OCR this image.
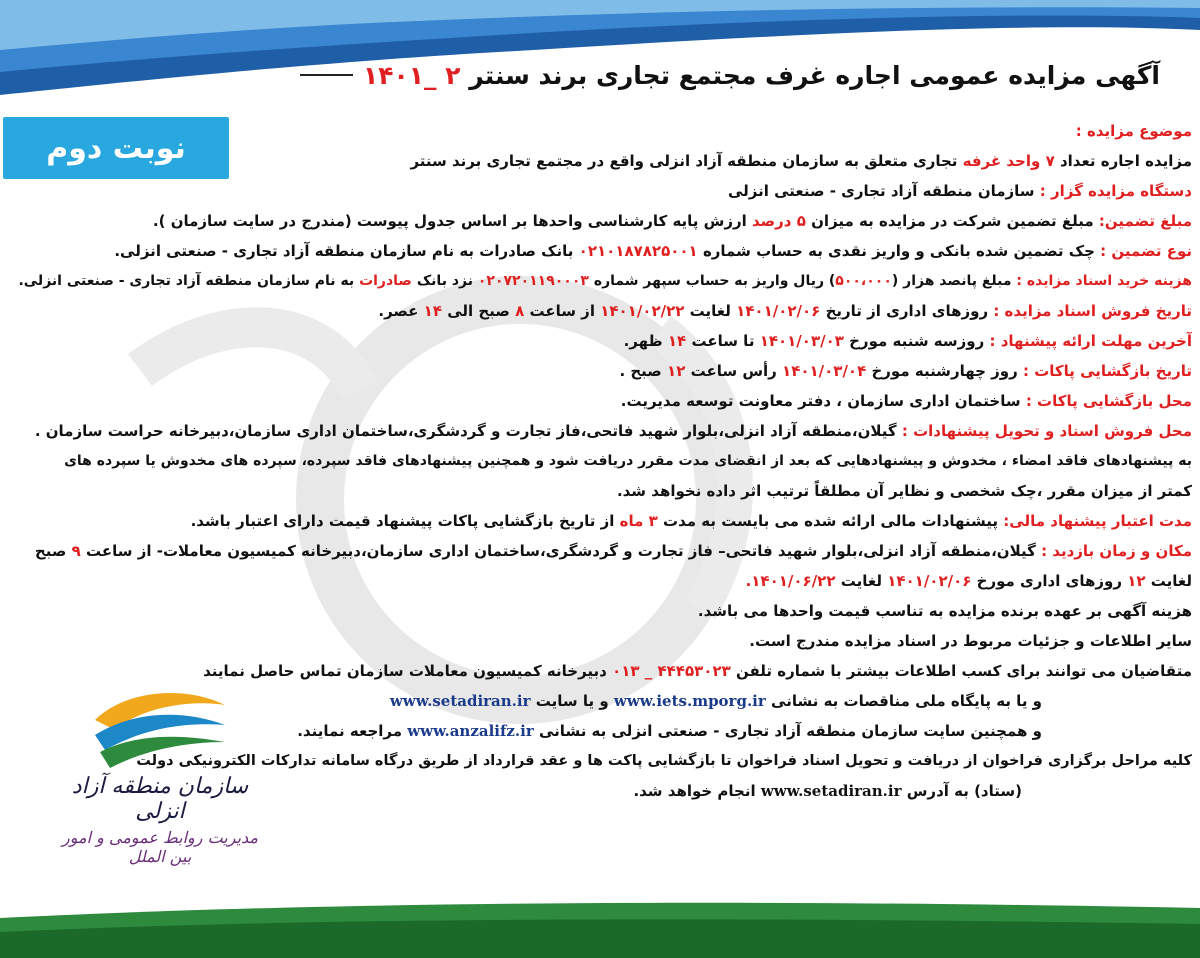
آگهی مزایده عمومی اجاره غرف مجتمع تجاری برند سنتر ۲ _۱۴۰۱
نوبت دوم	موضوع مزایده :
مزایده اجاره تعداد ۷ واحد غرفه تجاری متعلق به سازمان منطقه آزاد انزلی واقع در مجتمع تجاری برند سنتر
دستگاه مزایده گزار : سازمان منطقه آزاد تجاری - صنعتی انزلی
مبلغ تضمین: مبلغ تضمین شرکت در مزایده به میزان ۵ درصد ارزش پایه کارشناسی واحدها بر اساس جدول پیوست (مندرج در سایت سازمان ).
نوع تضمین : چک تضمین شده بانکی و واریز نقدی به حساب شماره ۰۲۱۰۱۸۷۸۲۵۰۰۱ بانک صادرات به نام سازمان منطقه آزاد تجاری - صنعتی انزلی.
هزینه خرید اسناد مزایده : مبلغ پانصد هزار (۵۰۰،۰۰۰) ریال واریز به حساب سپهر شماره ۰۲۰۷۲۰۱۱۹۰۰۰۳ نزد بانک صادرات به نام سازمان منطقه آزاد تجاری - صنعتی انزلی.
تاریخ فروش اسناد مزایده : روزهای اداری از تاریخ ۱۴۰۱/۰۲/۰۶ لغایت ۱۴۰۱/۰۲/۲۲ از ساعت ۸ صبح الی ۱۴ عصر.
آخرین مهلت ارائه پیشنهاد : روزسه شنبه مورخ ۱۴۰۱/۰۳/۰۳ تا ساعت ۱۴ ظهر.
تاریخ بازگشایی پاکات : روز چهارشنبه مورخ ۱۴۰۱/۰۳/۰۴ رأس ساعت ۱۲ صبح .
محل بازگشایی پاکات : ساختمان اداری سازمان ، دفتر معاونت توسعه مدیریت.
محل فروش اسناد و تحویل پیشنهادات : گیلان،منطقه آزاد انزلی،بلوار شهید فاتحی،فاز تجارت و گردشگری،ساختمان اداری سازمان،دبیرخانه حراست سازمان .
به پیشنهادهای فاقد امضاء ، مخدوش و پیشنهادهایی که بعد از انقضای مدت مقرر دریافت شود و همچنین پیشنهادهای فاقد سپرده، سپرده های مخدوش یا سپرده های
کمتر از میزان مقرر ،چک شخصی و نظایر آن مطلقاً ترتیب اثر داده نخواهد شد.
مدت اعتبار پیشنهاد مالی: پیشنهادات مالی ارائه شده می بایست به مدت ۳ ماه از تاریخ بازگشایی پاکات پیشنهاد قیمت دارای اعتبار باشد.
مکان و زمان بازدید : گیلان،منطقه آزاد انزلی،بلوار شهید فاتحی– فاز تجارت و گردشگری،ساختمان اداری سازمان،دبیرخانه کمیسیون معاملات- از ساعت ۹ صبح
لغایت ۱۲ روزهای اداری مورخ ۱۴۰۱/۰۲/۰۶ لغایت ۱۴۰۱/۰۶/۲۲.
هزینه آگهی بر عهده برنده مزایده به تناسب قیمت واحدها می باشد.
سایر اطلاعات و جزئیات مربوط در اسناد مزایده مندرج است.
متقاضیان می توانند برای کسب اطلاعات بیشتر با شماره تلفن ۴۴۴۵۳۰۲۳ _ ۰۱۳ دبیرخانه کمیسیون معاملات سازمان تماس حاصل نمایند
و یا به پایگاه ملی مناقصات به نشانی www.iets.mporg.ir و یا سایت www.setadiran.ir
و همچنین سایت سازمان منطقه آزاد تجاری - صنعتی انزلی به نشانی www.anzalifz.ir مراجعه نمایند.
کلیه مراحل برگزاری فراخوان از دریافت و تحویل اسناد فراخوان تا بازگشایی پاکت ها و عقد قرارداد از طریق درگاه سامانه تدارکات الکترونیکی دولت
(ستاد) به آدرس www.setadiran.ir انجام خواهد شد.
سازمان منطقه آزاد انزلی
مدیریت روابط عمومی و امور بین الملل
